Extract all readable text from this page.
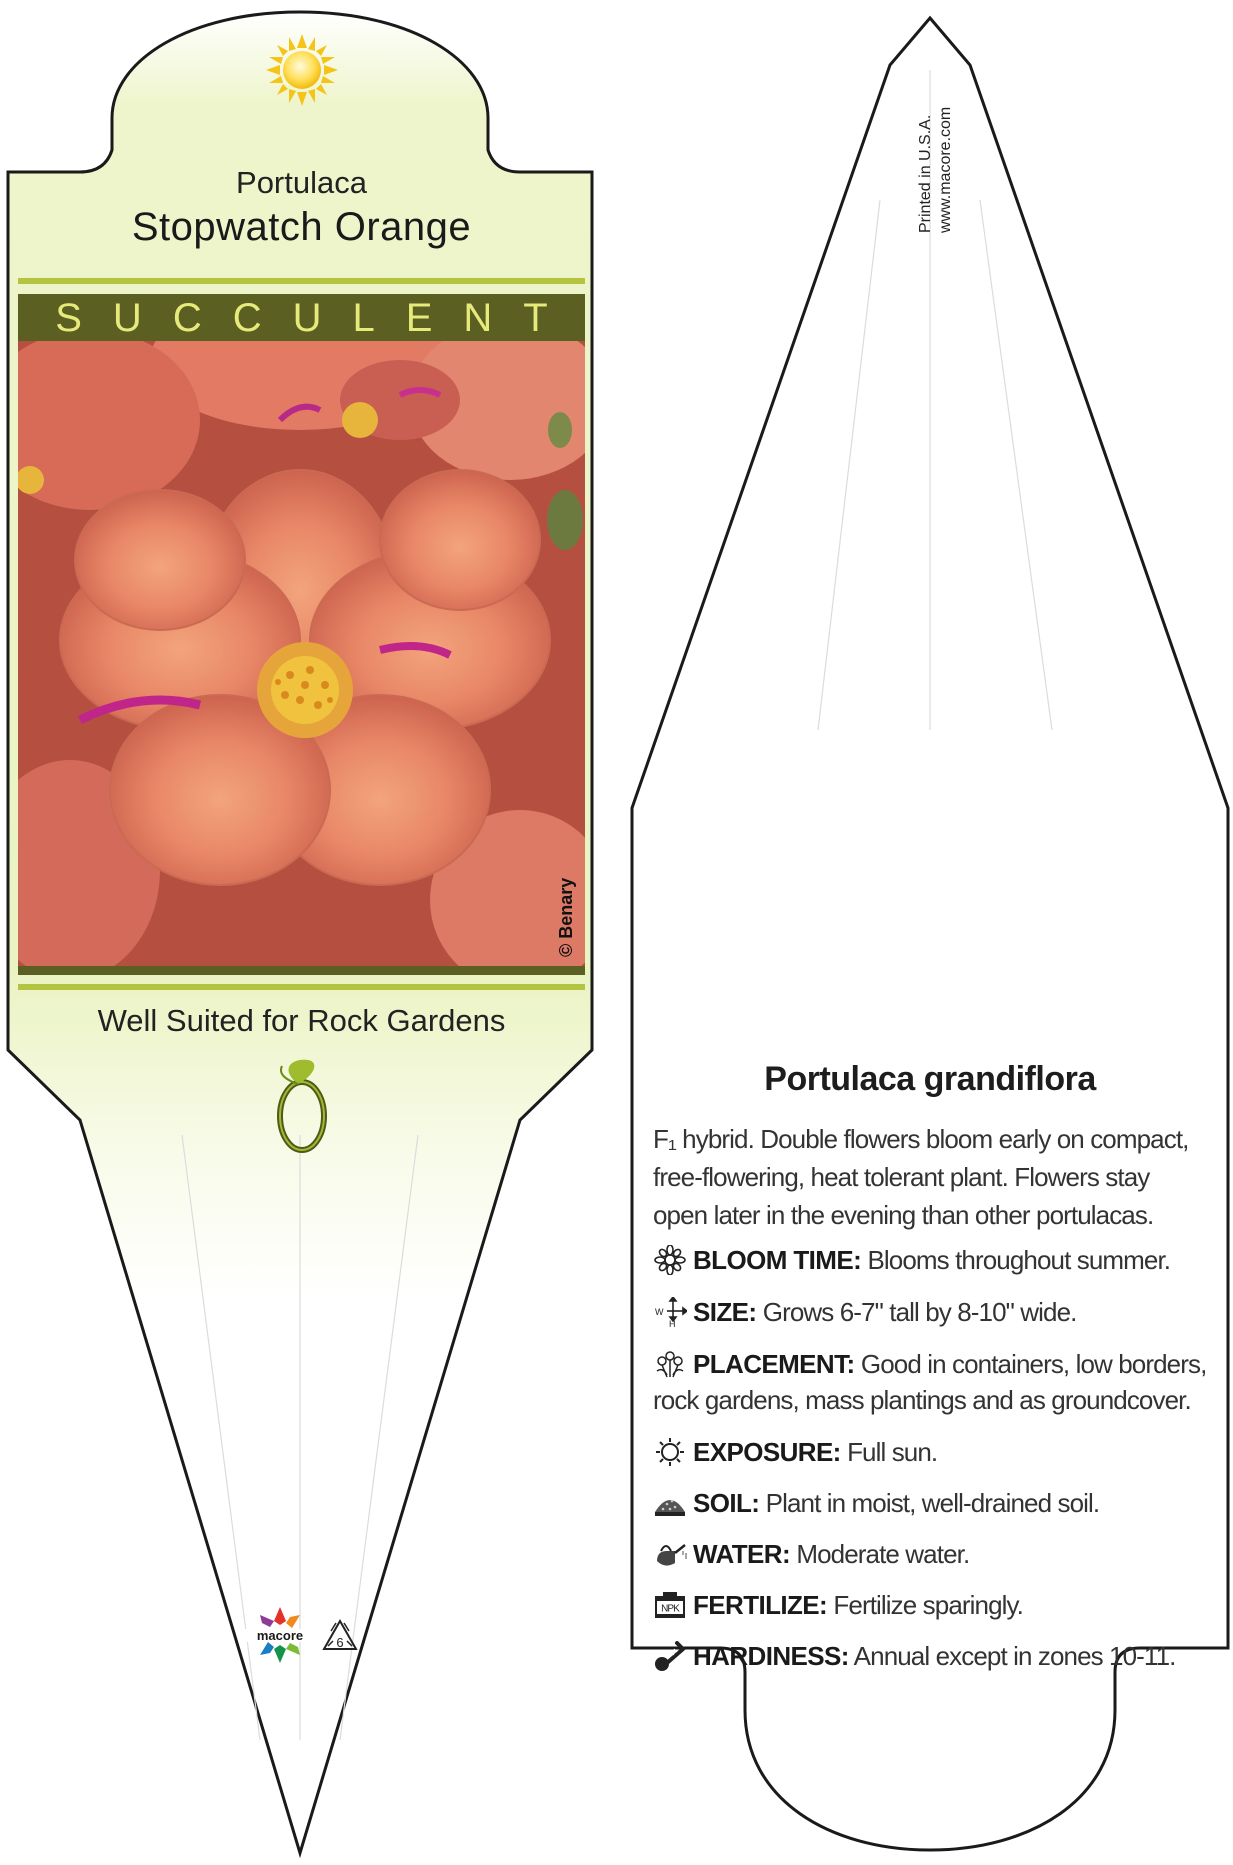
macore	6
Portulaca
Stopwatch Orange
SUCCULENT
© Benary
Well Suited for Rock Gardens
Printed in U.S.A. www.macore.com
Portulaca grandiflora
F₁ hybrid. Double flowers bloom early on compact, free-flowering, heat tolerant plant. Flowers stay open later in the evening than other portulacas.
BLOOM TIME: Blooms throughout summer.
W
H SIZE: Grows 6-7" tall by 8-10" wide.
PLACEMENT: Good in containers, low borders, rock gardens, mass plantings and as groundcover.
EXPOSURE: Full sun.
SOIL: Plant in moist, well-drained soil.
WATER: Moderate water.
NPK FERTILIZE: Fertilize sparingly.
HARDINESS: Annual except in zones 10-11.
